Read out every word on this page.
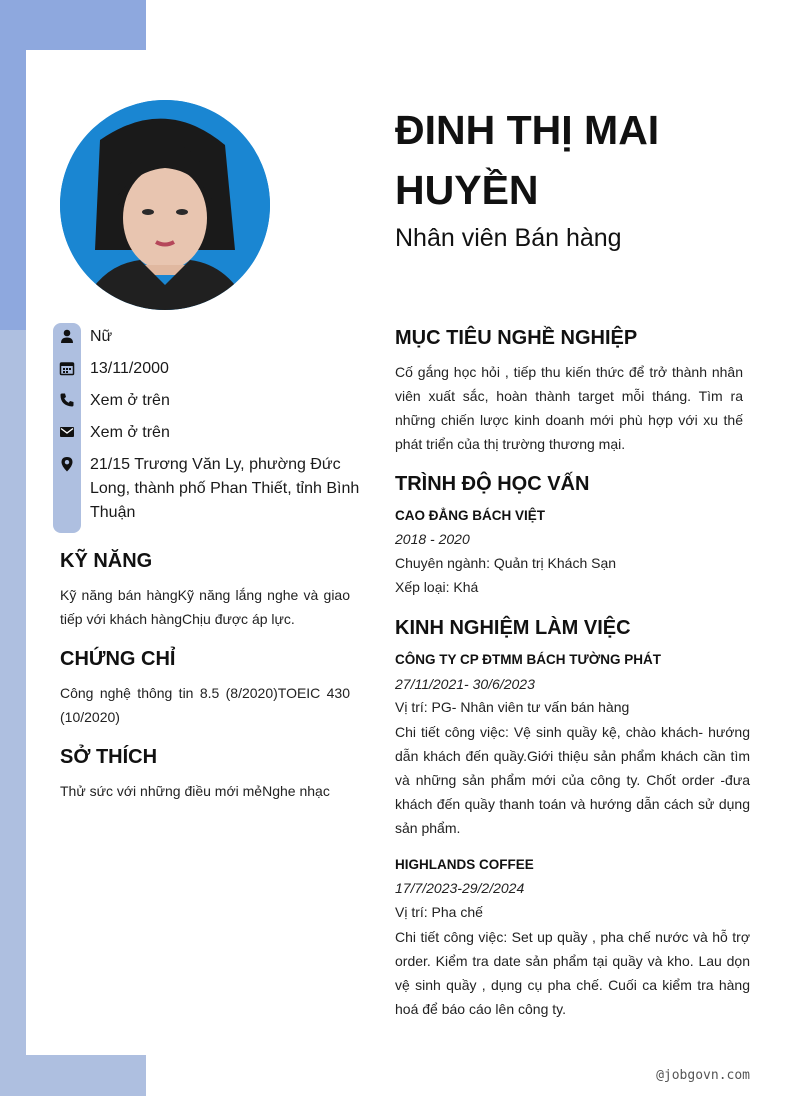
ĐINH THỊ MAI HUYỀN
Nhân viên Bán hàng
Nữ
13/11/2000
Xem ở trên
Xem ở trên
21/15 Trương Văn Ly, phường Đức Long, thành phố Phan Thiết, tỉnh Bình Thuận
KỸ NĂNG

Kỹ năng bán hàngKỹ năng lắng nghe và giao tiếp với khách hàngChịu được áp lực.

CHỨNG CHỈ

Công nghệ thông tin 8.5 (8/2020)TOEIC 430 (10/2020)

SỞ THÍCH

Thử sức với những điều mới mẻNghe nhạc

MỤC TIÊU NGHỀ NGHIỆP

Cố gắng học hỏi , tiếp thu kiến thức để trở thành nhân viên xuất sắc, hoàn thành target mỗi tháng. Tìm ra những chiến lược kinh doanh mới phù hợp với xu thế phát triển của thị trường thương mại.

TRÌNH ĐỘ HỌC VẤN

CAO ĐẲNG BÁCH VIỆT

2018 - 2020

Chuyên ngành: Quản trị Khách Sạn

Xếp loại: Khá

KINH NGHIỆM LÀM VIỆC

CÔNG TY CP ĐTMM BÁCH TƯỜNG PHÁT

27/11/2021- 30/6/2023

Vị trí: PG- Nhân viên tư vấn bán hàng

Chi tiết công việc: Vệ sinh quầy kệ, chào khách- hướng dẫn khách đến quầy.Giới thiệu sản phẩm khách cần tìm và những sản phẩm mới của công ty. Chốt order -đưa khách đến quầy thanh toán và hướng dẫn cách sử dụng sản phẩm.

HIGHLANDS COFFEE

17/7/2023-29/2/2024

Vị trí: Pha chế

Chi tiết công việc: Set up quầy , pha chế nước và hỗ trợ order. Kiểm tra date sản phẩm tại quầy và kho. Lau dọn vệ sinh quầy , dụng cụ pha chế. Cuối ca kiểm tra hàng hoá để báo cáo lên công ty.

@jobgovn.com
